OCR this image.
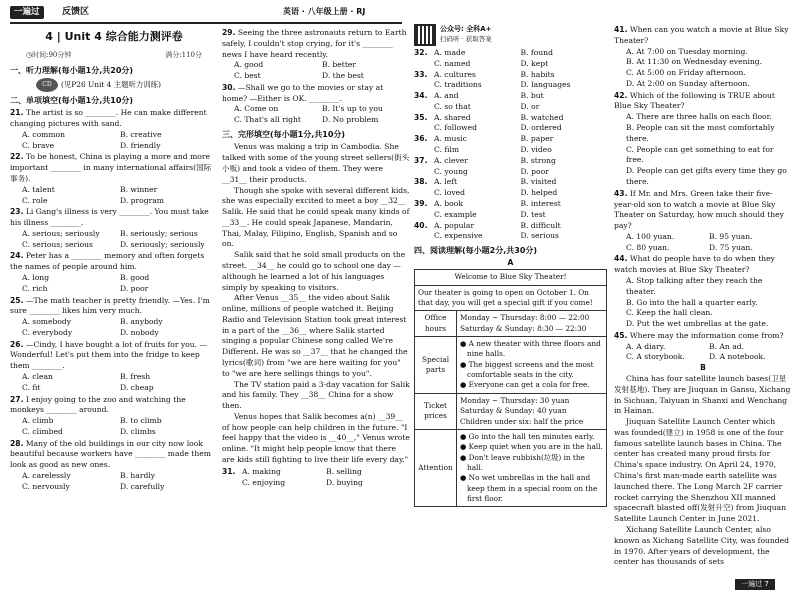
一遍过	反馈区	英语 · 八年级上册 · RJ
4 | Unit 4 综合能力测评卷
◷时间:90分钟	满分:110分
一、听力理解(每小题1分,共20分)
CD (见P26 Unit 4 主题听力训练)
二、单项填空(每小题1分,共10分)
21. The artist is so ________. He can make different changing pictures with sand.
A. common	B. creative
C. brave	D. friendly
22. To be honest, China is playing a more and more important ________ in many international affairs(国际事务).
A. talent	B. winner
C. role	D. program
23. Li Gang's illness is very ________. You must take his illness ________.
A. serious; seriously	B. seriously; serious
C. serious; serious	D. seriously; seriously
24. Peter has a ________ memory and often forgets the names of people around him.
A. long	B. good
C. rich	D. poor
25. —The math teacher is pretty friendly. —Yes. I'm sure ________ likes him very much.
A. somebody	B. anybody
C. everybody	D. nobody
26. —Cindy, I have bought a lot of fruits for you. —Wonderful! Let's put them into the fridge to keep them ________.
A. clean	B. fresh
C. fit	D. cheap
27. I enjoy going to the zoo and watching the monkeys ________ around.
A. climb	B. to climb
C. climbed	D. climbs
28. Many of the old buildings in our city now look beautiful because workers have ________ made them look as good as new ones.
A. carelessly	B. hardly
C. nervously	D. carefully
29. Seeing the three astronauts return to Earth safely, I couldn't stop crying, for it's ________ news I have heard recently.
A. good	B. better
C. best	D. the best
30. —Shall we go to the movies or stay at home? —Either is OK. ________.
A. Come on	B. It's up to you
C. That's all right	D. No problem
三、完形填空(每小题1分,共10分)
Venus was making a trip in Cambodia. She talked with some of the young street sellers(街头小贩) and took a video of them. They were __31__ their products.
Though she spoke with several different kids, she was especially excited to meet a boy __32__ Salik. He said that he could speak many kinds of __33__. He could speak Japanese, Mandarin, Thai, Malay, Filipino, English, Spanish and so on.
Salik said that he sold small products on the street. __34__ he could go to school one day — although he learned a lot of his languages simply by speaking to visitors.
After Venus __35__ the video about Salik online, millions of people watched it. Beijing Radio and Television Station took great interest in a part of the __36__ where Salik started singing a popular Chinese song called We're Different. He was so __37__ that he changed the lyrics(歌词) from "we are here waiting for you" to "we are here sellings things to you".
The TV station paid a 3-day vacation for Salik and his family. They __38__ China for a show then.
Venus hopes that Salik becomes a(n) __39__ of how people can help children in the future. "I feel happy that the video is __40__," Venus wrote online. "It might help people know that there are kids still fighting to live their life every day."
31. A. making	B. selling
C. enjoying	D. buying
公众号: 全科A+
扫码听 · 获取答案
32. A. made	B. found
C. named	D. kept
33. A. cultures	B. habits
C. traditions	D. languages
34. A. and	B. but
C. so that	D. or
35. A. shared	B. watched
C. followed	D. ordered
36. A. music	B. paper
C. film	D. video
37. A. clever	B. strong
C. young	D. poor
38. A. left	B. visited
C. loved	D. helped
39. A. book	B. interest
C. example	D. test
40. A. popular	B. difficult
C. expensive	D. serious
四、阅读理解(每小题2分,共30分)
A
Welcome to Blue Sky Theater!	
Our theater is going to open on October 1. On that day, you will get a special gift if you come!	
Office hours	Monday ~ Thursday: 8:00 — 22:00
Saturday & Sunday: 8:30 — 22:30

Special parts	● A new theater with three floors and nine halls.
● The biggest screens and the most comfortable seats in the city.
● Everyone can get a cola for free.

Ticket prices	Monday ~ Thursday: 30 yuan
Saturday & Sunday: 40 yuan
Children under six: half the price

Attention	● Go into the hall ten minutes early.
● Keep quiet when you are in the hall.
● Don't leave rubbish(垃圾) in the hall.
● No wet umbrellas in the hall and keep them in a special room on the first floor.
41. When can you watch a movie at Blue Sky Theater?
A. At 7:00 on Tuesday morning.
B. At 11:30 on Wednesday evening.
C. At 5:00 on Friday afternoon.
D. At 2:00 on Sunday afternoon.
42. Which of the following is TRUE about Blue Sky Theater?
A. There are three halls on each floor.
B. People can sit the most comfortably there.
C. People can get something to eat for free.
D. People can get gifts every time they go there.
43. If Mr. and Mrs. Green take their five-year-old son to watch a movie at Blue Sky Theater on Saturday, how much should they pay?
A. 100 yuan.	B. 95 yuan.
C. 80 yuan.	D. 75 yuan.
44. What do people have to do when they watch movies at Blue Sky Theater?
A. Stop talking after they reach the theater.
B. Go into the hall a quarter early.
C. Keep the hall clean.
D. Put the wet umbrellas at the gate.
45. Where may the information come from?
A. A diary.	B. An ad.
C. A storybook.	D. A notebook.
B
China has four satellite launch bases(卫星发射基地). They are Jiuquan in Gansu, Xichang in Sichuan, Taiyuan in Shanxi and Wenchang in Hainan.
Jiuquan Satellite Launch Center which was founded(建立) in 1958 is one of the four famous satellite launch bases in China. The center has created many proud firsts for China's space industry. On April 24, 1970, China's first man-made earth satellite was launched there. The Long March 2F carrier rocket carrying the Shenzhou XII manned spacecraft blasted off(发射升空) from Jiuquan Satellite Launch Center in June 2021.
Xichang Satellite Launch Center, also known as Xichang Satellite City, was founded in 1970. After years of development, the center has thousands of sets
一遍过 7
